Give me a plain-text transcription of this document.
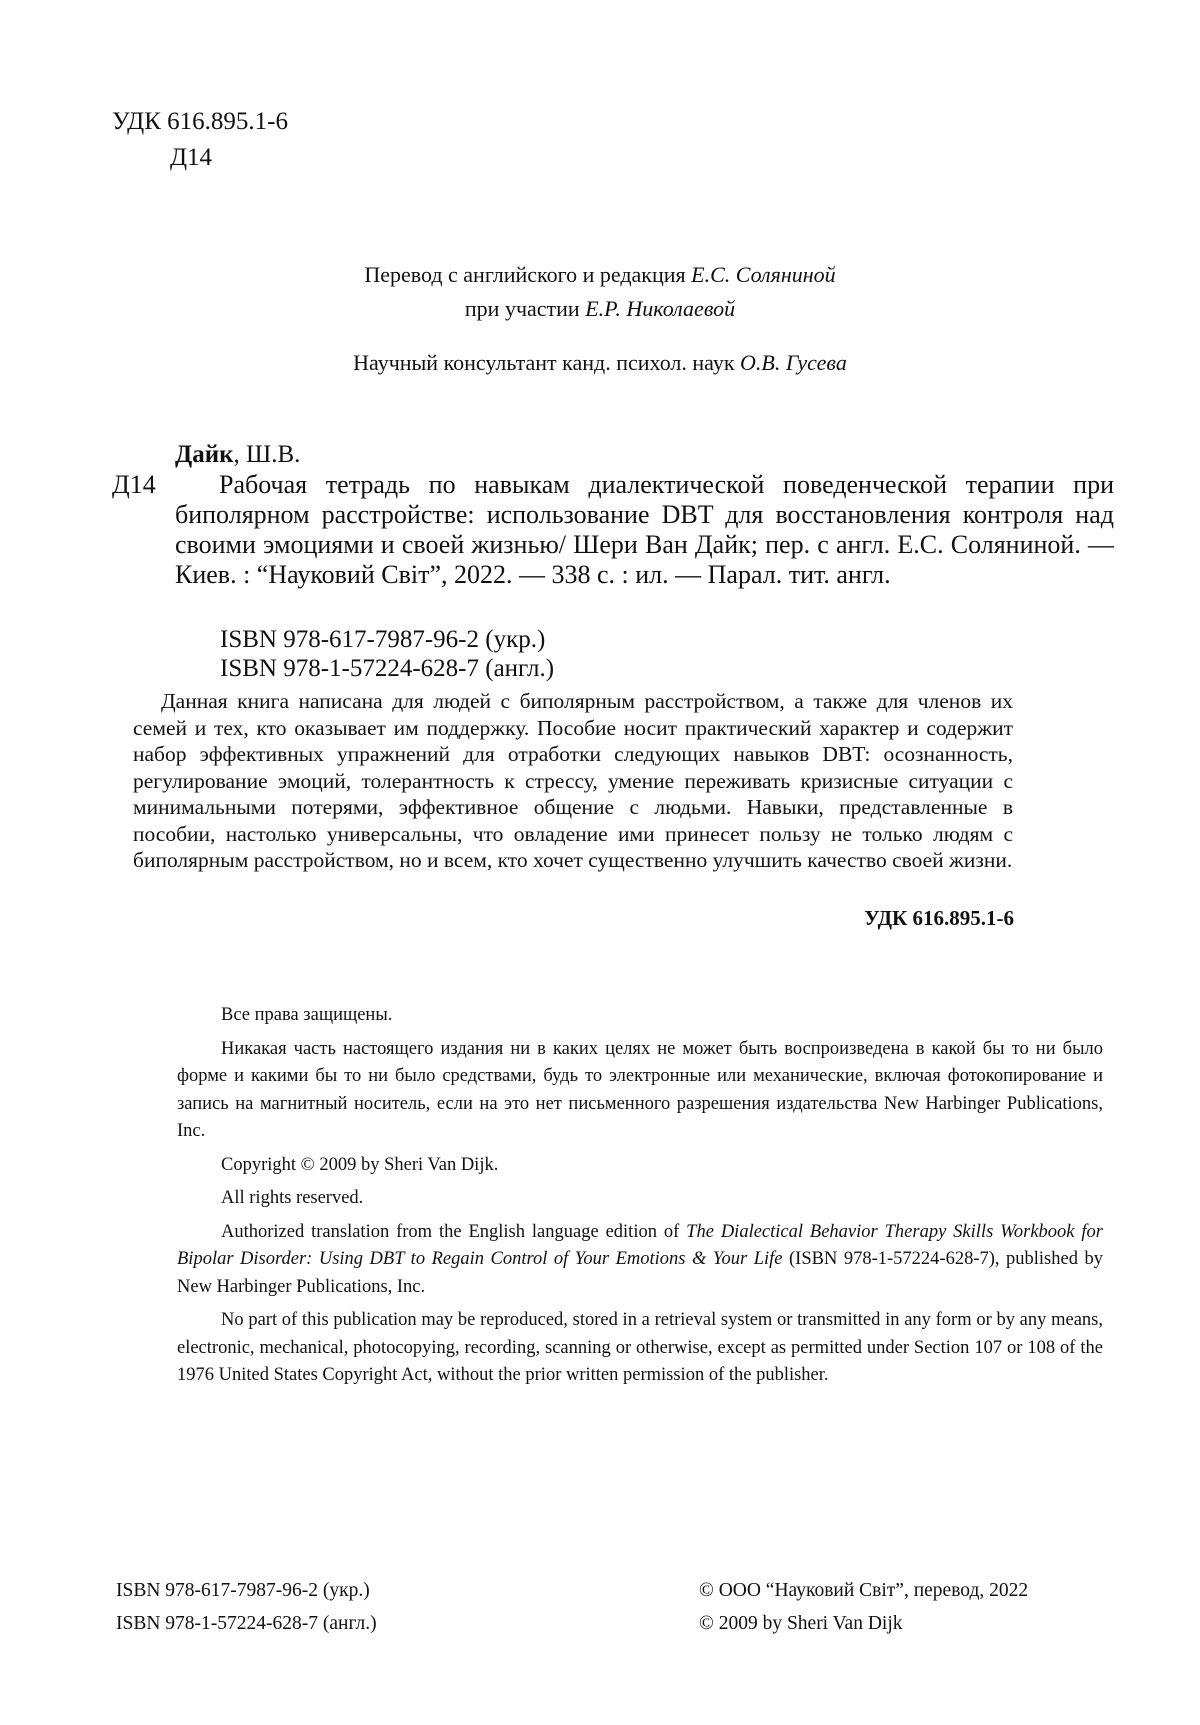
УДК 616.895.1-6
Д14
Перевод с английского и редакция Е.С. Соляниной
при участии Е.Р. Николаевой
Научный консультант канд. психол. наук О.В. Гусева
Дайк, Ш.В.
Д14	Рабочая тетрадь по навыкам диалектической поведенческой терапии при биполярном расстройстве: использование DBT для восстановления контроля над своими эмоциями и своей жизнью/ Шери Ван Дайк; пер. с англ. Е.С. Соляниной. — Киев. : “Науковий Світ”, 2022. — 338 с. : ил. — Парал. тит. англ.

ISBN 978-617-7987-96-2 (укр.)
ISBN 978-1-57224-628-7 (англ.)

Данная книга написана для людей с биполярным расстройством, а также для членов их семей и тех, кто оказывает им поддержку. Пособие носит практический характер и содержит набор эффективных упражнений для отработки следующих навыков DBT: осознанность, регулирование эмоций, толерантность к стрессу, умение переживать кризисные ситуации с минимальными потерями, эффективное общение с людьми. Навыки, представленные в пособии, настолько универсальны, что овладение ими принесет пользу не только людям с биполярным расстройством, но и всем, кто хочет существенно улучшить качество своей жизни.

УДК 616.895.1-6

Все права защищены.

Никакая часть настоящего издания ни в каких целях не может быть воспроизведена в какой бы то ни было форме и какими бы то ни было средствами, будь то электронные или механические, включая фотокопирование и запись на магнитный носитель, если на это нет письменного разрешения издательства New Harbinger Publications, Inc.

Copyright © 2009 by Sheri Van Dijk.

All rights reserved.

Authorized translation from the English language edition of The Dialectical Behavior Therapy Skills Workbook for Bipolar Disorder: Using DBT to Regain Control of Your Emotions & Your Life (ISBN 978-1-57224-628-7), published by New Harbinger Publications, Inc.

No part of this publication may be reproduced, stored in a retrieval system or transmitted in any form or by any means, electronic, mechanical, photocopying, recording, scanning or otherwise, except as permitted under Section 107 or 108 of the 1976 United States Copyright Act, without the prior written permission of the publisher.

ISBN 978-617-7987-96-2 (укр.)
ISBN 978-1-57224-628-7 (англ.)
© ООО “Науковий Світ”, перевод, 2022
© 2009 by Sheri Van Dijk
